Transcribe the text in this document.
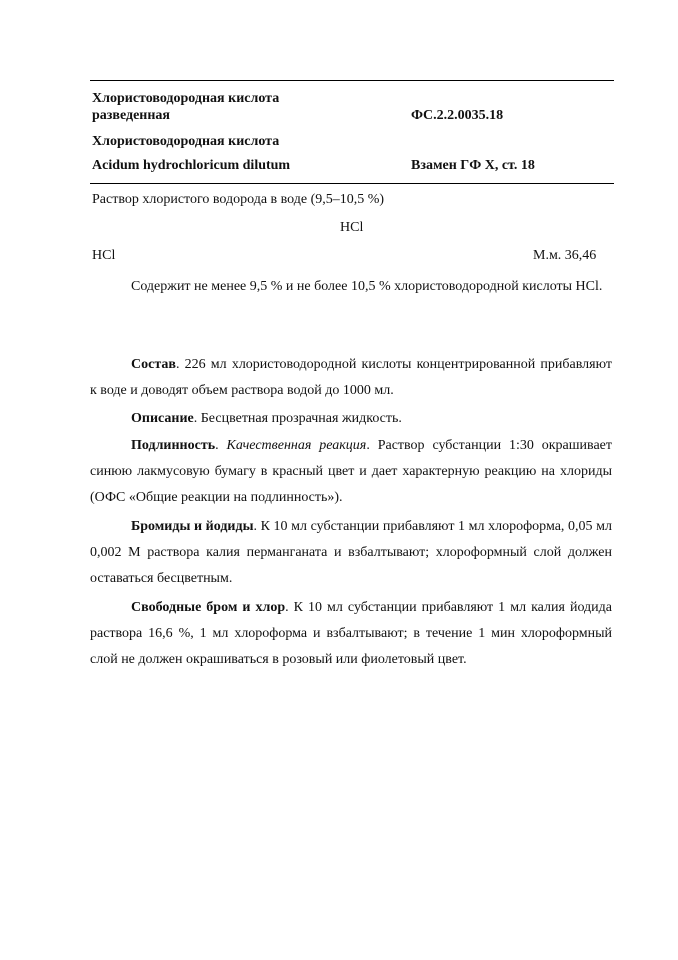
Хлористоводородная кислота
разведенная	ФС.2.2.0035.18
Хлористоводородная кислота
Acidum hydrochloricum dilutum	Взамен ГФ X, ст. 18
Раствор хлористого водорода в воде (9,5–10,5 %)
HCl
HCl	М.м. 36,46
Содержит не менее 9,5 % и не более 10,5 % хлористоводородной кислоты HCl.
Состав. 226 мл хлористоводородной кислоты концентрированной прибавляют к воде и доводят объем раствора водой до 1000 мл.
Описание. Бесцветная прозрачная жидкость.
Подлинность. Качественная реакция. Раствор субстанции 1:30 окрашивает синюю лакмусовую бумагу в красный цвет и дает характерную реакцию на хлориды (ОФС «Общие реакции на подлинность»).
Бромиды и йодиды. К 10 мл субстанции прибавляют 1 мл хлороформа, 0,05 мл 0,002 М раствора калия перманганата и взбалтывают; хлороформный слой должен оставаться бесцветным.
Свободные бром и хлор. К 10 мл субстанции прибавляют 1 мл калия йодида раствора 16,6 %, 1 мл хлороформа и взбалтывают; в течение 1 мин хлороформный слой не должен окрашиваться в розовый или фиолетовый цвет.
